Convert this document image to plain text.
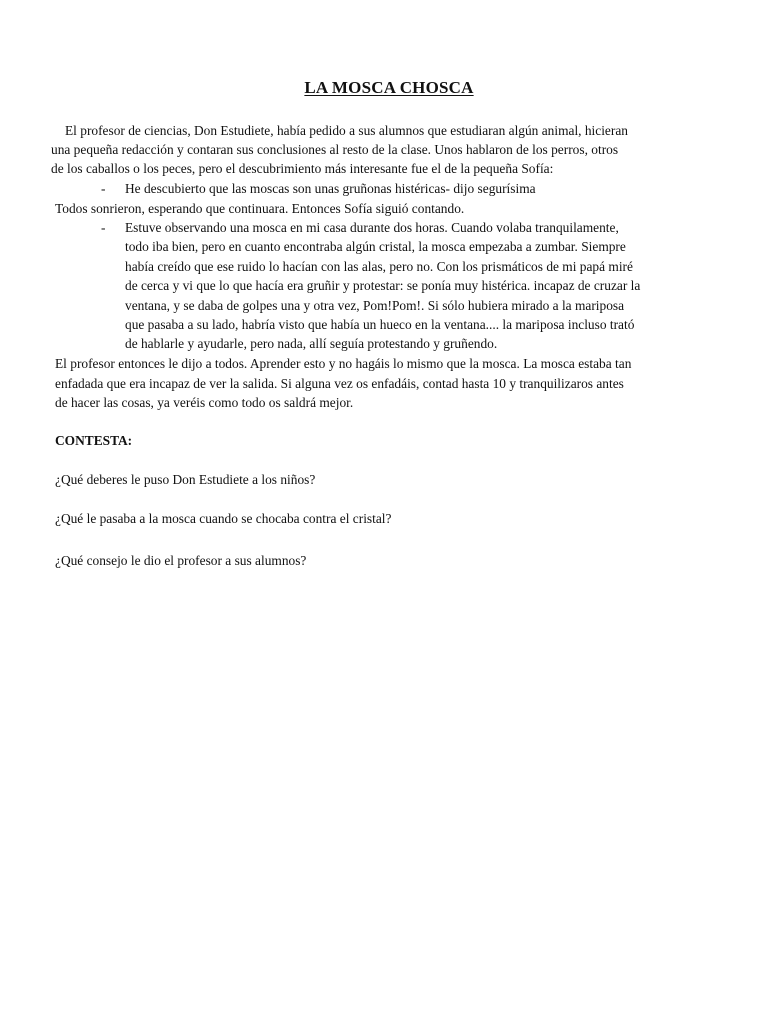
LA MOSCA CHOSCA
El profesor de ciencias, Don Estudiete, había pedido a sus alumnos que estudiaran algún animal, hicieran
una pequeña redacción y contaran sus conclusiones al resto de la clase. Unos hablaron de los perros, otros
de los caballos o los peces, pero el descubrimiento más interesante fue el de la pequeña Sofía:
- He descubierto que las moscas son unas gruñonas histéricas- dijo segurísima
Todos sonrieron, esperando que continuara. Entonces Sofía siguió contando.
- Estuve observando una mosca en mi casa durante dos horas. Cuando volaba tranquilamente,
todo iba bien, pero en cuanto encontraba algún cristal, la mosca empezaba a zumbar. Siempre
había creído que ese ruido lo hacían con las alas, pero no. Con los prismáticos de mi papá miré
de cerca y vi que lo que hacía era gruñir y protestar: se ponía muy histérica. incapaz de cruzar la
ventana, y se daba de golpes una y otra vez, Pom!Pom!. Si sólo hubiera mirado a la mariposa
que pasaba a su lado, habría visto que había un hueco en la ventana.... la mariposa incluso trató
de hablarle y ayudarle, pero nada, allí seguía protestando y gruñendo.
El profesor entonces le dijo a todos. Aprender esto y no hagáis lo mismo que la mosca. La mosca estaba tan
enfadada que era incapaz de ver la salida. Si alguna vez os enfadáis, contad hasta 10 y tranquilizaros antes
de hacer las cosas, ya veréis como todo os saldrá mejor.
CONTESTA:
¿Qué deberes le puso Don Estudiete a los niños?
¿Qué le pasaba a la mosca cuando se chocaba contra el cristal?
¿Qué consejo le dio el profesor a sus alumnos?
